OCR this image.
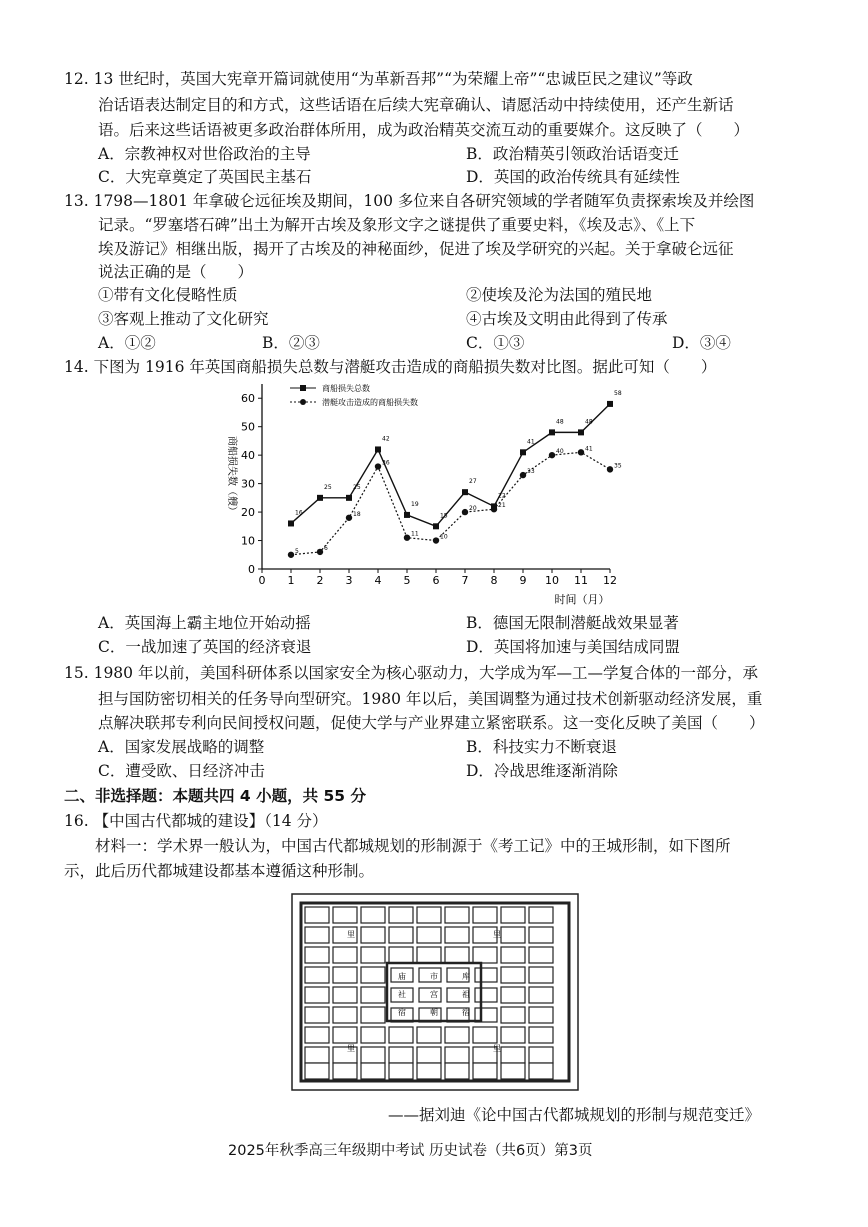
12. 13 世纪时，英国大宪章开篇词就使用“为革新吾邦”“为荣耀上帝”“忠诚臣民之建议”等政
治话语表达制定目的和方式，这些话语在后续大宪章确认、请愿活动中持续使用，还产生新话
语。后来这些话语被更多政治群体所用，成为政治精英交流互动的重要媒介。这反映了（　　）
A．宗教神权对世俗政治的主导	B．政治精英引领政治话语变迁
C．大宪章奠定了英国民主基石	D．英国的政治传统具有延续性
13. 1798—1801 年拿破仑远征埃及期间，100 多位来自各研究领域的学者随军负责探索埃及并绘图
记录。“罗塞塔石碑”出土为解开古埃及象形文字之谜提供了重要史料，《埃及志》、《上下
埃及游记》相继出版，揭开了古埃及的神秘面纱，促进了埃及学研究的兴起。关于拿破仑远征
说法正确的是（　　）
①带有文化侵略性质	②使埃及沦为法国的殖民地
③客观上推动了文化研究	④古埃及文明由此得到了传承
A．①②	B．②③	C．①③	D．③④
14. 下图为 1916 年英国商船损失总数与潜艇攻击造成的商船损失数对比图。据此可知（　　）
0
10
20
30
40
50
60
0 1 2 3 4 5 6 7 8 9 10 11 12
商船损失数（艘）
时间（月）
16
25	25
42
19
15
27
22
41
48	48
58
5	6
18
36
11	10
20	21
33
40	41
35
商船损失总数
潜艇攻击造成的商船损失数
A．英国海上霸主地位开始动摇	B．德国无限制潜艇战效果显著
C．一战加速了英国的经济衰退	D．英国将加速与美国结成同盟
15. 1980 年以前，美国科研体系以国家安全为核心驱动力，大学成为军—工—学复合体的一部分，承
担与国防密切相关的任务导向型研究。1980 年以后，美国调整为通过技术创新驱动经济发展，重
点解决联邦专利向民间授权问题，促使大学与产业界建立紧密联系。这一变化反映了美国（　　）
A．国家发展战略的调整	B．科技实力不断衰退
C．遭受欧、日经济冲击	D．冷战思维逐渐消除
二、非选择题：本题共四 4 小题，共 55 分
16. 【中国古代都城的建设】（14 分）
　　材料一：学术界一般认为，中国古代都城规划的形制源于《考工记》中的王城形制，如下图所
示，此后历代都城建设都基本遵循这种形制。
里	里
里	里
庙	市	库
社	宫	祖
宿	朝	宿
——据刘迪《论中国古代都城规划的形制与规范变迁》
2025年秋季高三年级期中考试 历史试卷（共6页）第3页
